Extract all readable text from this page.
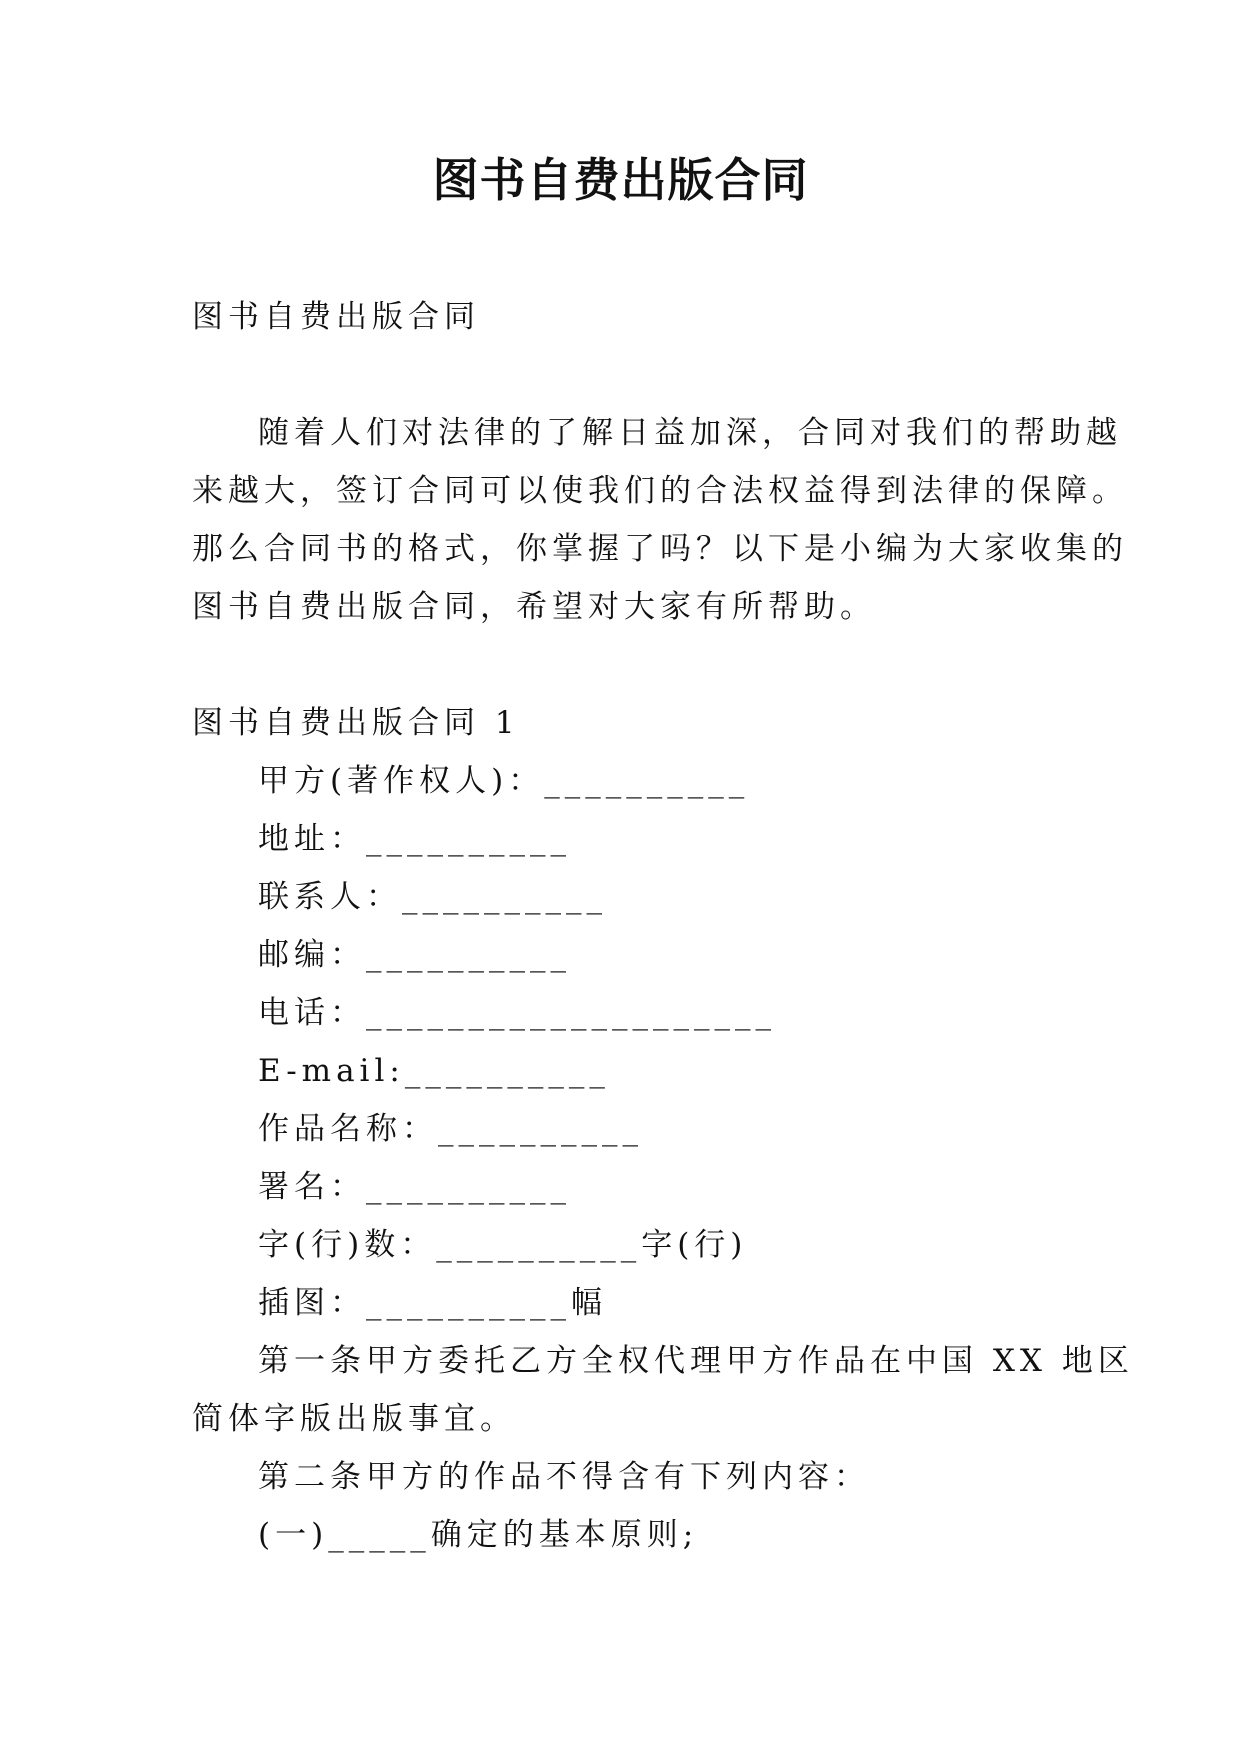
图书自费出版合同
图书自费出版合同
随着人们对法律的了解日益加深，合同对我们的帮助越
来越大，签订合同可以使我们的合法权益得到法律的保障。
那么合同书的格式，你掌握了吗？以下是小编为大家收集的
图书自费出版合同，希望对大家有所帮助。
图书自费出版合同 1
甲方(著作权人)：__________
地址：__________
联系人：__________
邮编：__________
电话：____________________
E-mail:__________
作品名称：__________
署名：__________
字(行)数：__________字(行)
插图：__________幅
第一条甲方委托乙方全权代理甲方作品在中国 XX 地区
简体字版出版事宜。
第二条甲方的作品不得含有下列内容：
(一)_____确定的基本原则;
